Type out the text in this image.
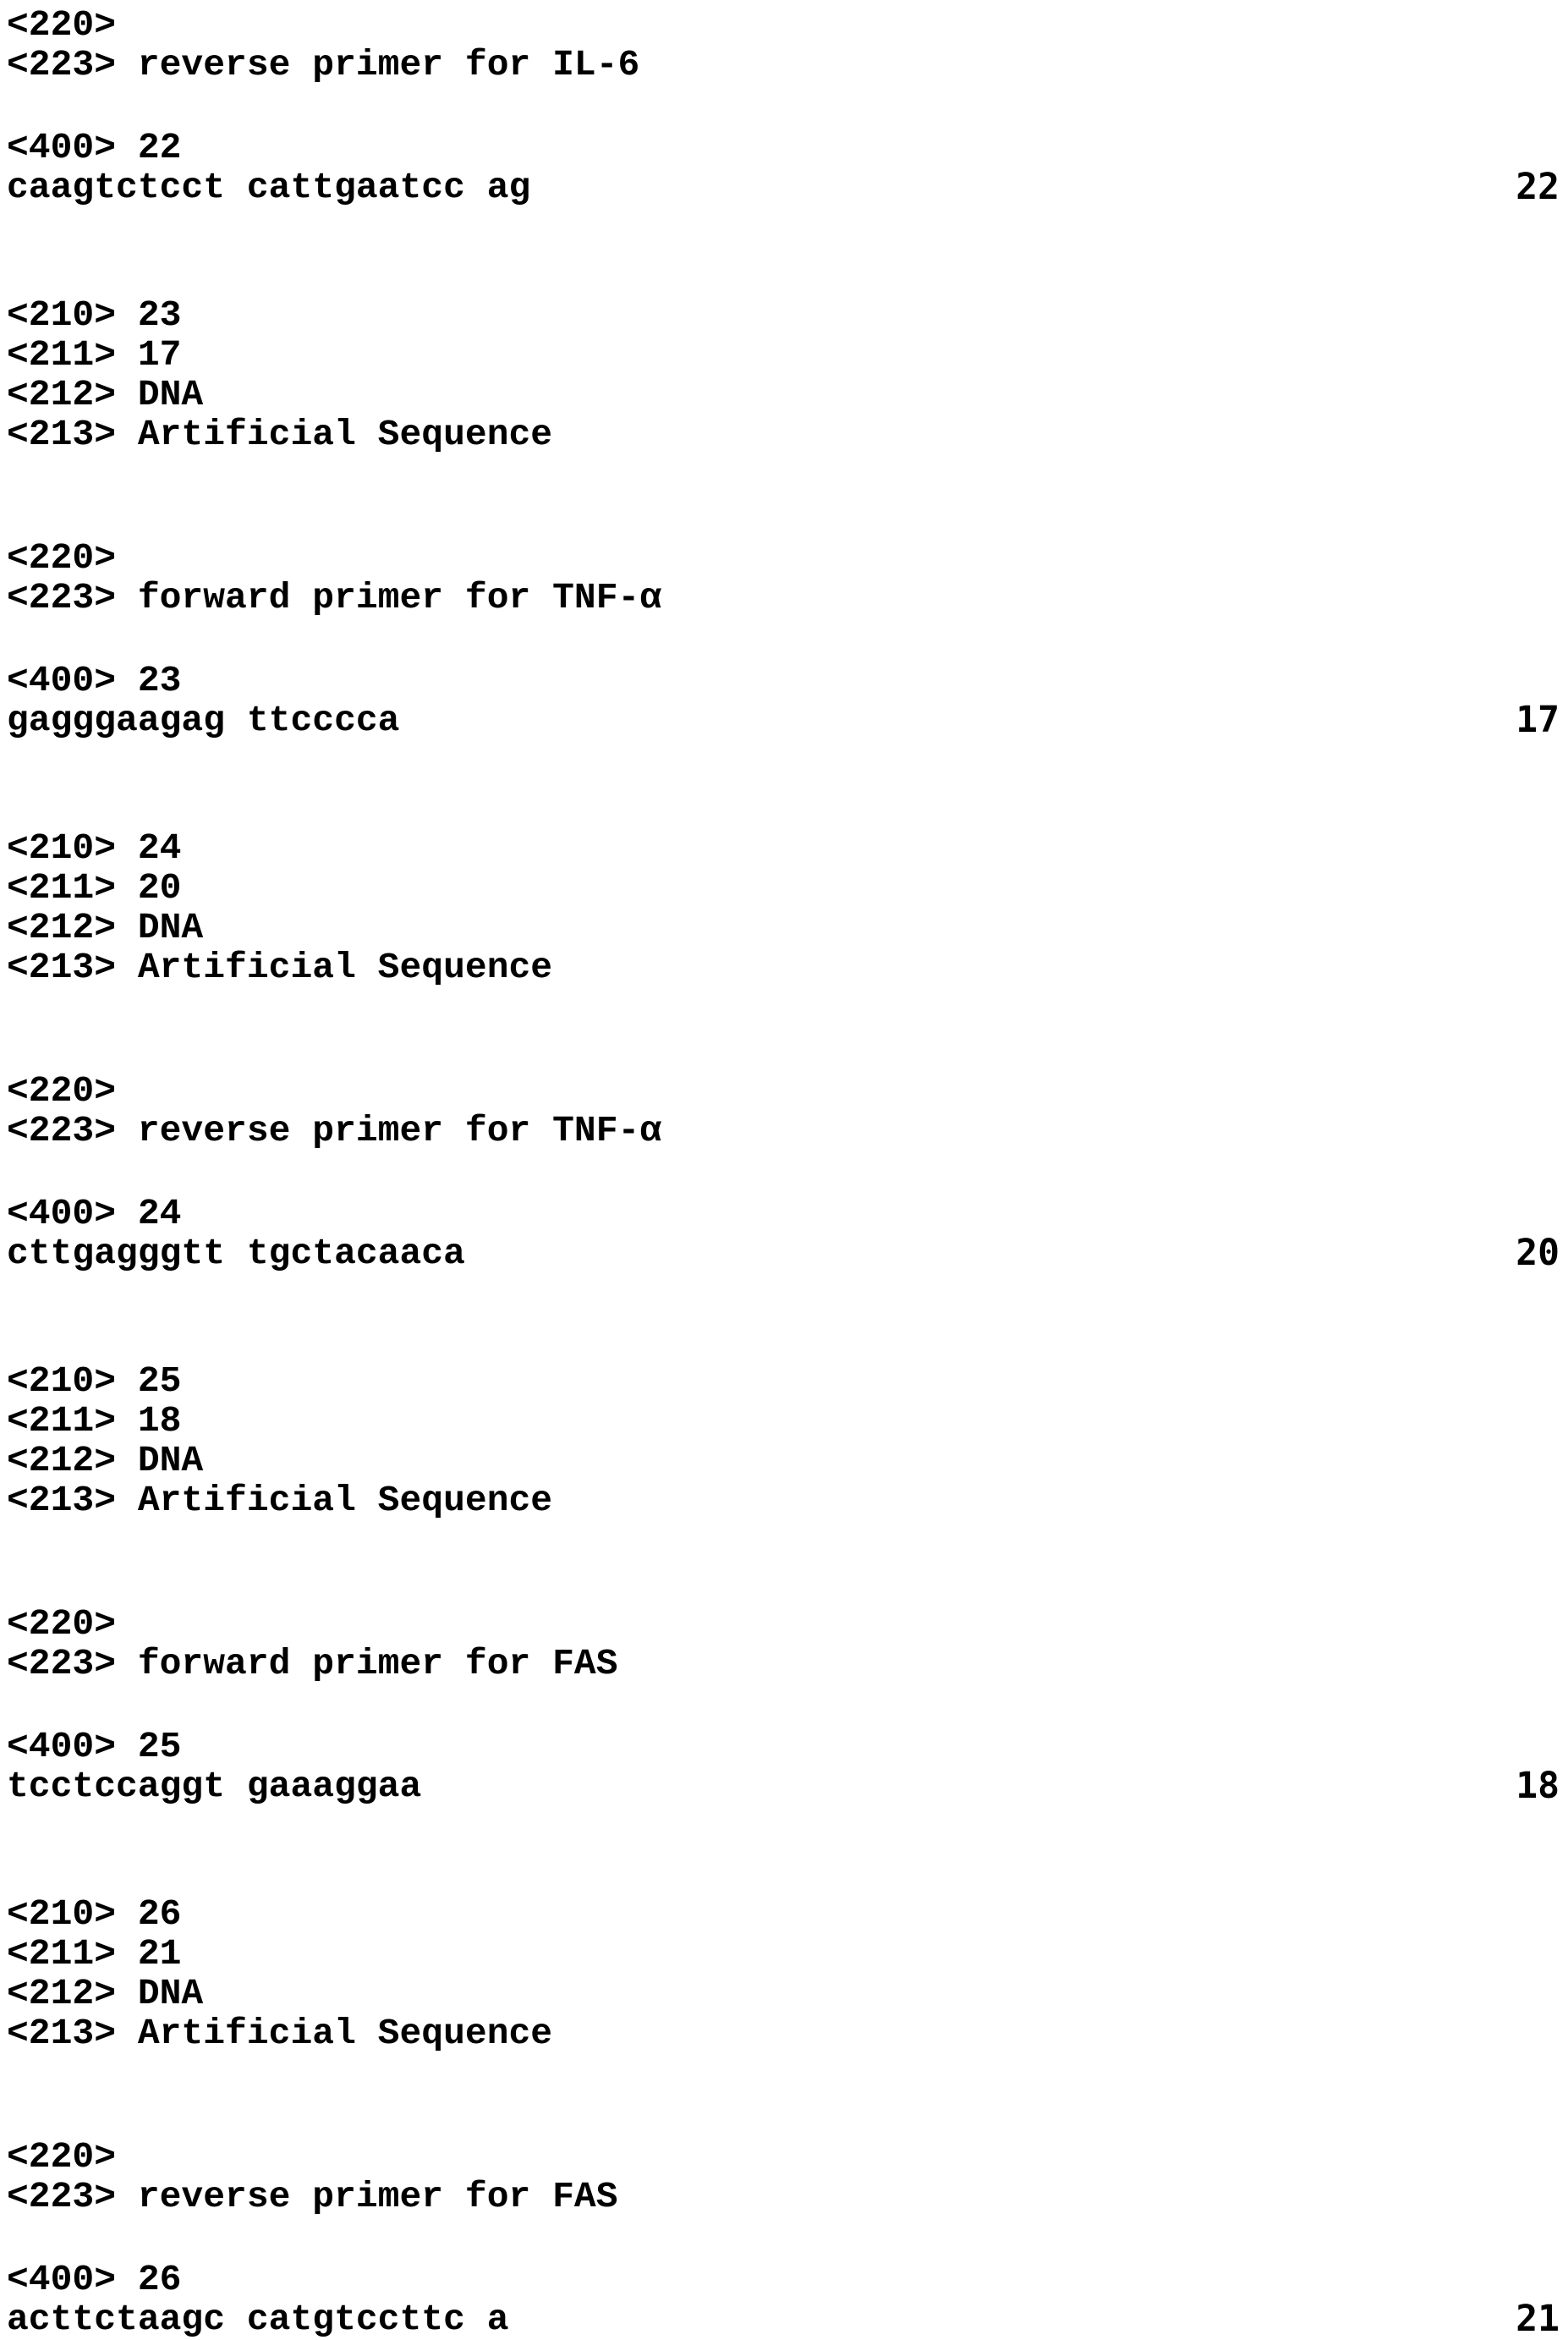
<220>
<223> reverse primer for IL-6
<400> 22
caagtctcct cattgaatcc ag	22
<210> 23
<211> 17
<212> DNA
<213> Artificial Sequence
<220>
<223> forward primer for TNF-α
<400> 23
gagggaagag ttcccca	17
<210> 24
<211> 20
<212> DNA
<213> Artificial Sequence
<220>
<223> reverse primer for TNF-α
<400> 24
cttgagggtt tgctacaaca	20
<210> 25
<211> 18
<212> DNA
<213> Artificial Sequence
<220>
<223> forward primer for FAS
<400> 25
tcctccaggt gaaaggaa	18
<210> 26
<211> 21
<212> DNA
<213> Artificial Sequence
<220>
<223> reverse primer for FAS
<400> 26
acttctaagc catgtccttc a	21
